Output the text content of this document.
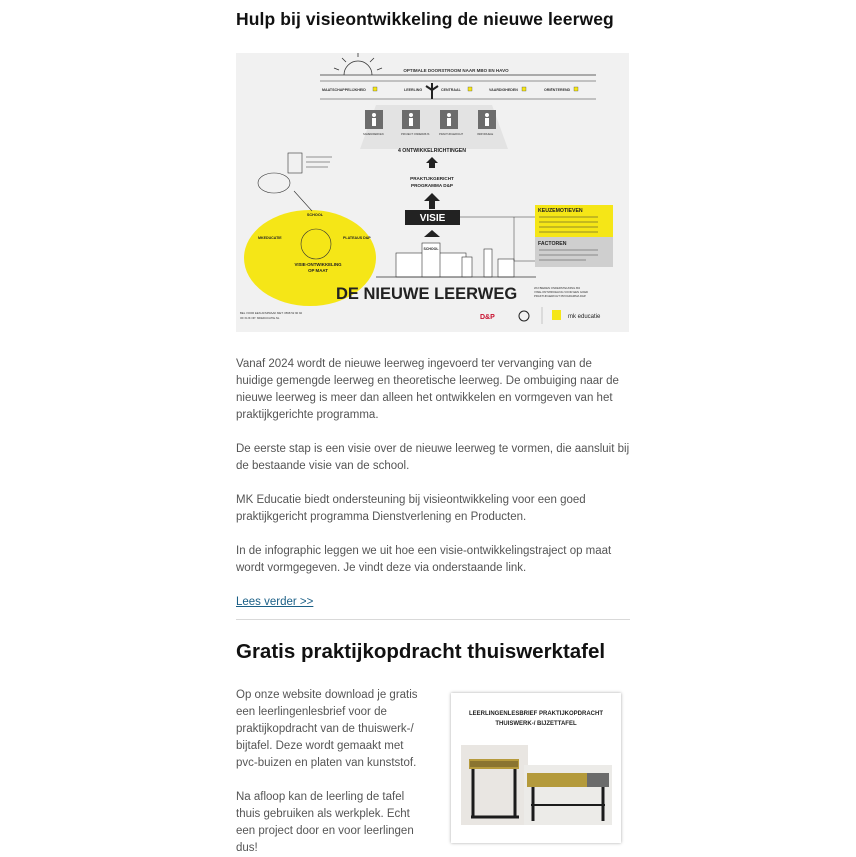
Hulp bij visieontwikkeling de nieuwe leerweg
OPTIMALE DOORSTROOM NAAR MBO EN HAVO
MAATSCHAPPELIJKHEID	LEERLING	CENTRAAL	VAARDIGHEDEN	ORIËNTEREND
SAMENWERKEN	PROJECT ONDERWIJS	PRAKTIJKGERICHT	INDIVIDUELE
4 ONTWIKKELRICHTINGEN
PRAKTIJKGERICHT
PROGRAMMA D&P
VISIE
SCHOOL
SCHOOL
MKEDUCATIE	PLATEAUS D&P
VISIE-ONTWIKKELING
OP MAAT
KEUZEMOTIEVEN
FACTOREN
DE NIEUWE LEERWEG	WIJ BIEDEN ONDERSTEUNING BIJ
VISIE-ONTWIKKELING VOOR EEN GOED
PRAKTIJKGERICHT PROGRAMMA D&P.
BEL VOOR EEN AFSPRAAK MET: 0598 52 90 92
OF KIJK OP: MKEDUCATIE.NL	D&P	mk educatie

Vanaf 2024 wordt de nieuwe leerweg ingevoerd ter vervanging van de huidige gemengde leerweg en theoretische leerweg. De ombuiging naar de nieuwe leerweg is meer dan alleen het ontwikkelen en vormgeven van het praktijkgerichte programma.

De eerste stap is een visie over de nieuwe leerweg te vormen, die aansluit bij de bestaande visie van de school.

MK Educatie biedt ondersteuning bij visieontwikkeling voor een goed praktijkgericht programma Dienstverlening en Producten.

In de infographic leggen we uit hoe een visie-ontwikkelingstraject op maat wordt vormgegeven. Je vindt deze via onderstaande link.

Lees verder >>

Gratis praktijkopdracht thuiswerktafel

Op onze website download je gratis een leerlingenlesbrief voor de praktijkopdracht van de thuiswerk-/ bijtafel. Deze wordt gemaakt met pvc-buizen en platen van kunststof.

Na afloop kan de leerling de tafel thuis gebruiken als werkplek. Echt een project door en voor leerlingen dus!

LEERLINGENLESBRIEF PRAKTIJKOPDRACHT
THUISWERK-/ BIJZETTAFEL
